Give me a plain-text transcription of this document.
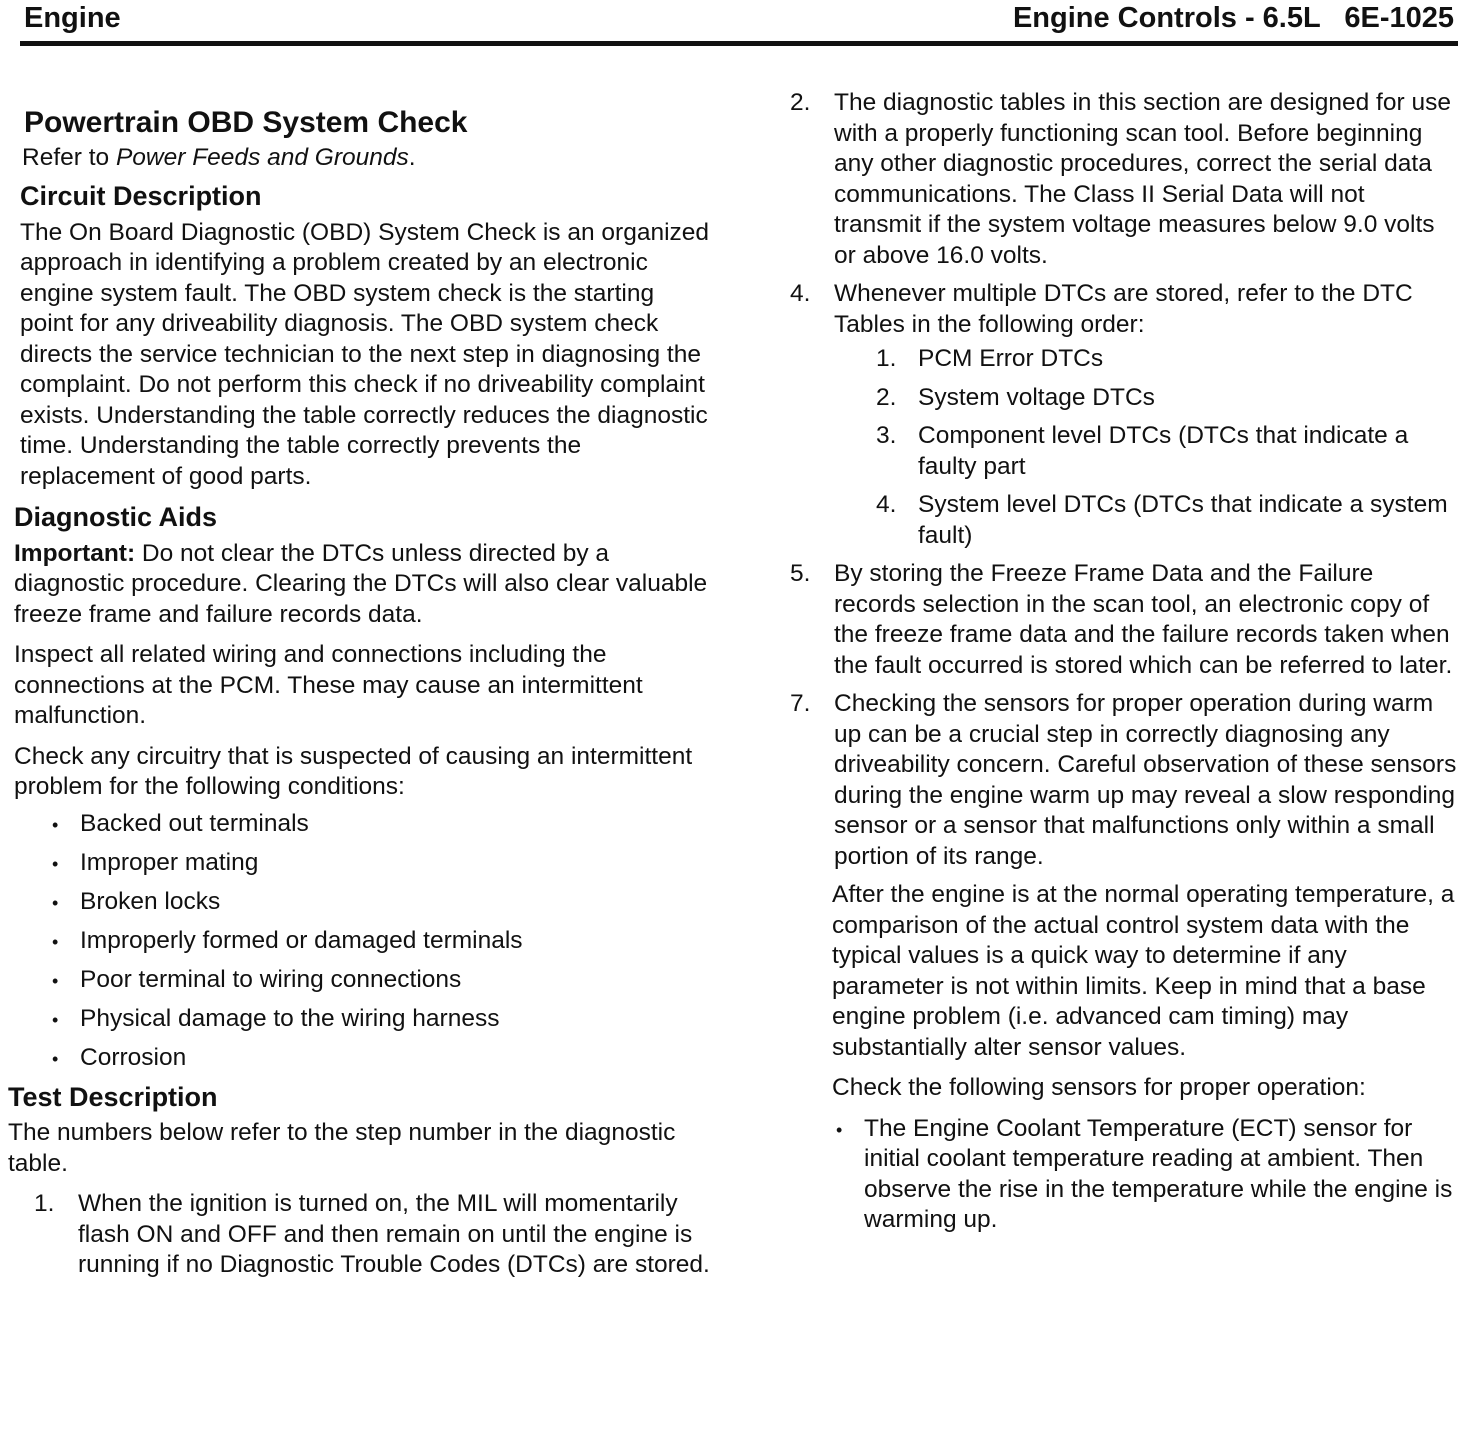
Engine	Engine Controls - 6.5L   6E-1025
Powertrain OBD System Check

Refer to Power Feeds and Grounds.

Circuit Description

The On Board Diagnostic (OBD) System Check is an organized approach in identifying a problem created by an electronic engine system fault. The OBD system check is the starting point for any driveability diagnosis. The OBD system check directs the service technician to the next step in diagnosing the complaint. Do not perform this check if no driveability complaint exists. Understanding the table correctly reduces the diagnostic time. Understanding the table correctly prevents the replacement of good parts.

Diagnostic Aids

Important: Do not clear the DTCs unless directed by a diagnostic procedure. Clearing the DTCs will also clear valuable freeze frame and failure records data.

Inspect all related wiring and connections including the connections at the PCM. These may cause an intermittent malfunction.

Check any circuitry that is suspected of causing an intermittent problem for the following conditions:

• Backed out terminals
• Improper mating
• Broken locks
• Improperly formed or damaged terminals
• Poor terminal to wiring connections
• Physical damage to the wiring harness
• Corrosion
Test Description

The numbers below refer to the step number in the diagnostic table.

1. When the ignition is turned on, the MIL will momentarily flash ON and OFF and then remain on until the engine is running if no Diagnostic Trouble Codes (DTCs) are stored.
2. The diagnostic tables in this section are designed for use with a properly functioning scan tool. Before beginning any other diagnostic procedures, correct the serial data communications. The Class II Serial Data will not transmit if the system voltage measures below 9.0 volts or above 16.0 volts.
4. Whenever multiple DTCs are stored, refer to the DTC Tables in the following order:
1. PCM Error DTCs
2. System voltage DTCs
3. Component level DTCs (DTCs that indicate a faulty part
4. System level DTCs (DTCs that indicate a system fault)
5. By storing the Freeze Frame Data and the Failure records selection in the scan tool, an electronic copy of the freeze frame data and the failure records taken when the fault occurred is stored which can be referred to later.
7. Checking the sensors for proper operation during warm up can be a crucial step in correctly diagnosing any driveability concern. Careful observation of these sensors during the engine warm up may reveal a slow responding sensor or a sensor that malfunctions only within a small portion of its range.

After the engine is at the normal operating temperature, a comparison of the actual control system data with the typical values is a quick way to determine if any parameter is not within limits. Keep in mind that a base engine problem (i.e. advanced cam timing) may substantially alter sensor values.

Check the following sensors for proper operation:

• The Engine Coolant Temperature (ECT) sensor for initial coolant temperature reading at ambient. Then observe the rise in the temperature while the engine is warming up.
